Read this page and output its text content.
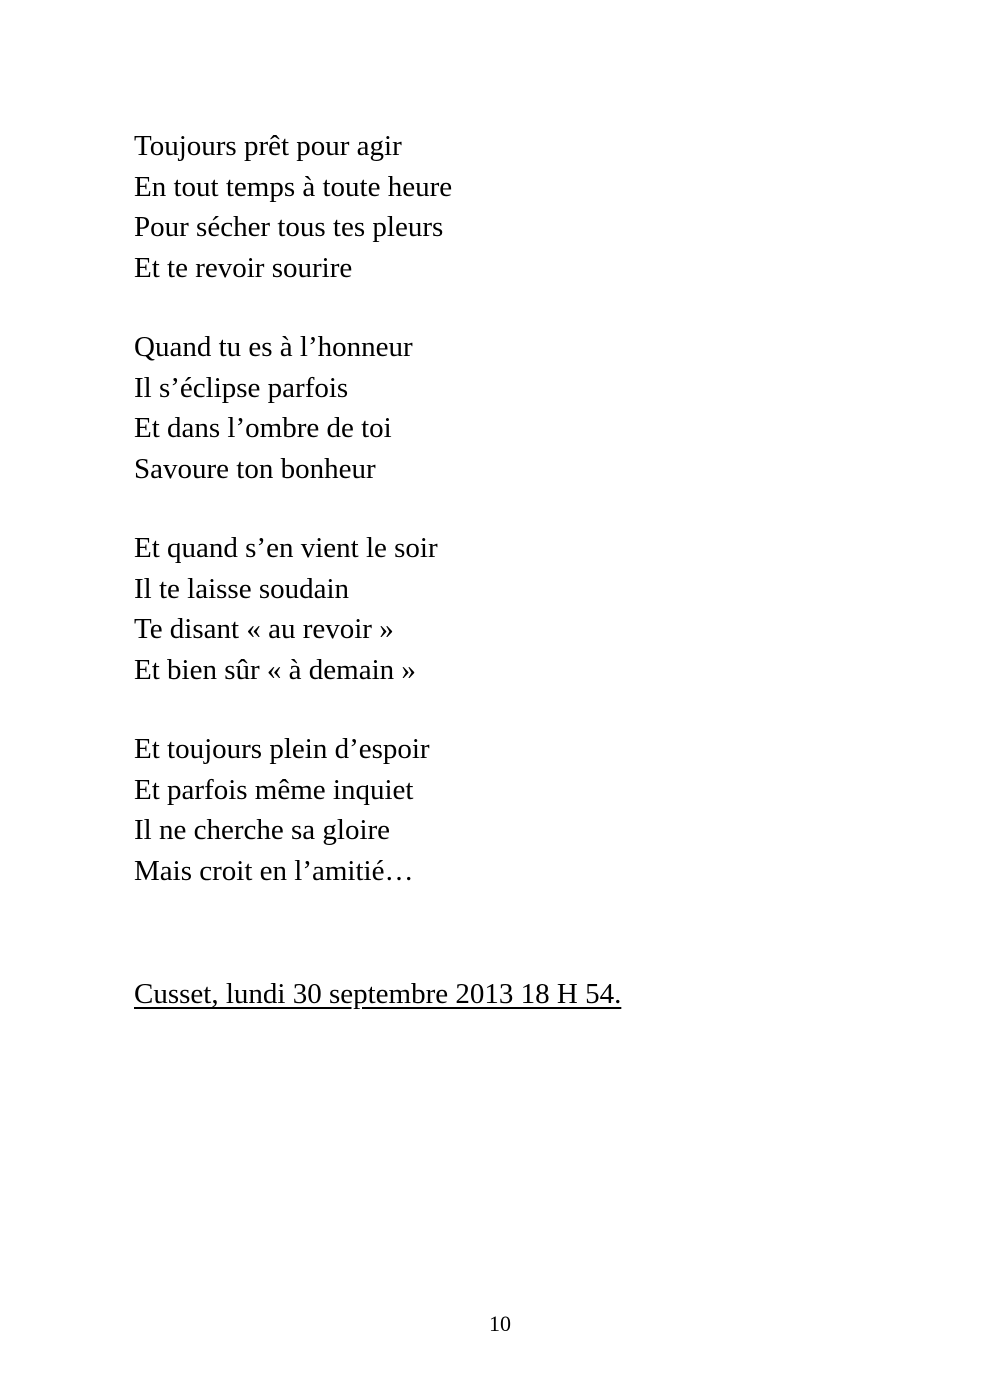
Toujours prêt pour agir
En tout temps à toute heure
Pour sécher tous tes pleurs
Et te revoir sourire
Quand tu es à l’honneur
Il s’éclipse parfois
Et dans l’ombre de toi
Savoure ton bonheur
Et quand s’en vient le soir
Il te laisse soudain
Te disant « au revoir »
Et bien sûr « à demain »
Et toujours plein d’espoir
Et parfois même inquiet
Il ne cherche sa gloire
Mais croit en l’amitié…
Cusset, lundi 30 septembre 2013 18 H 54.
10
